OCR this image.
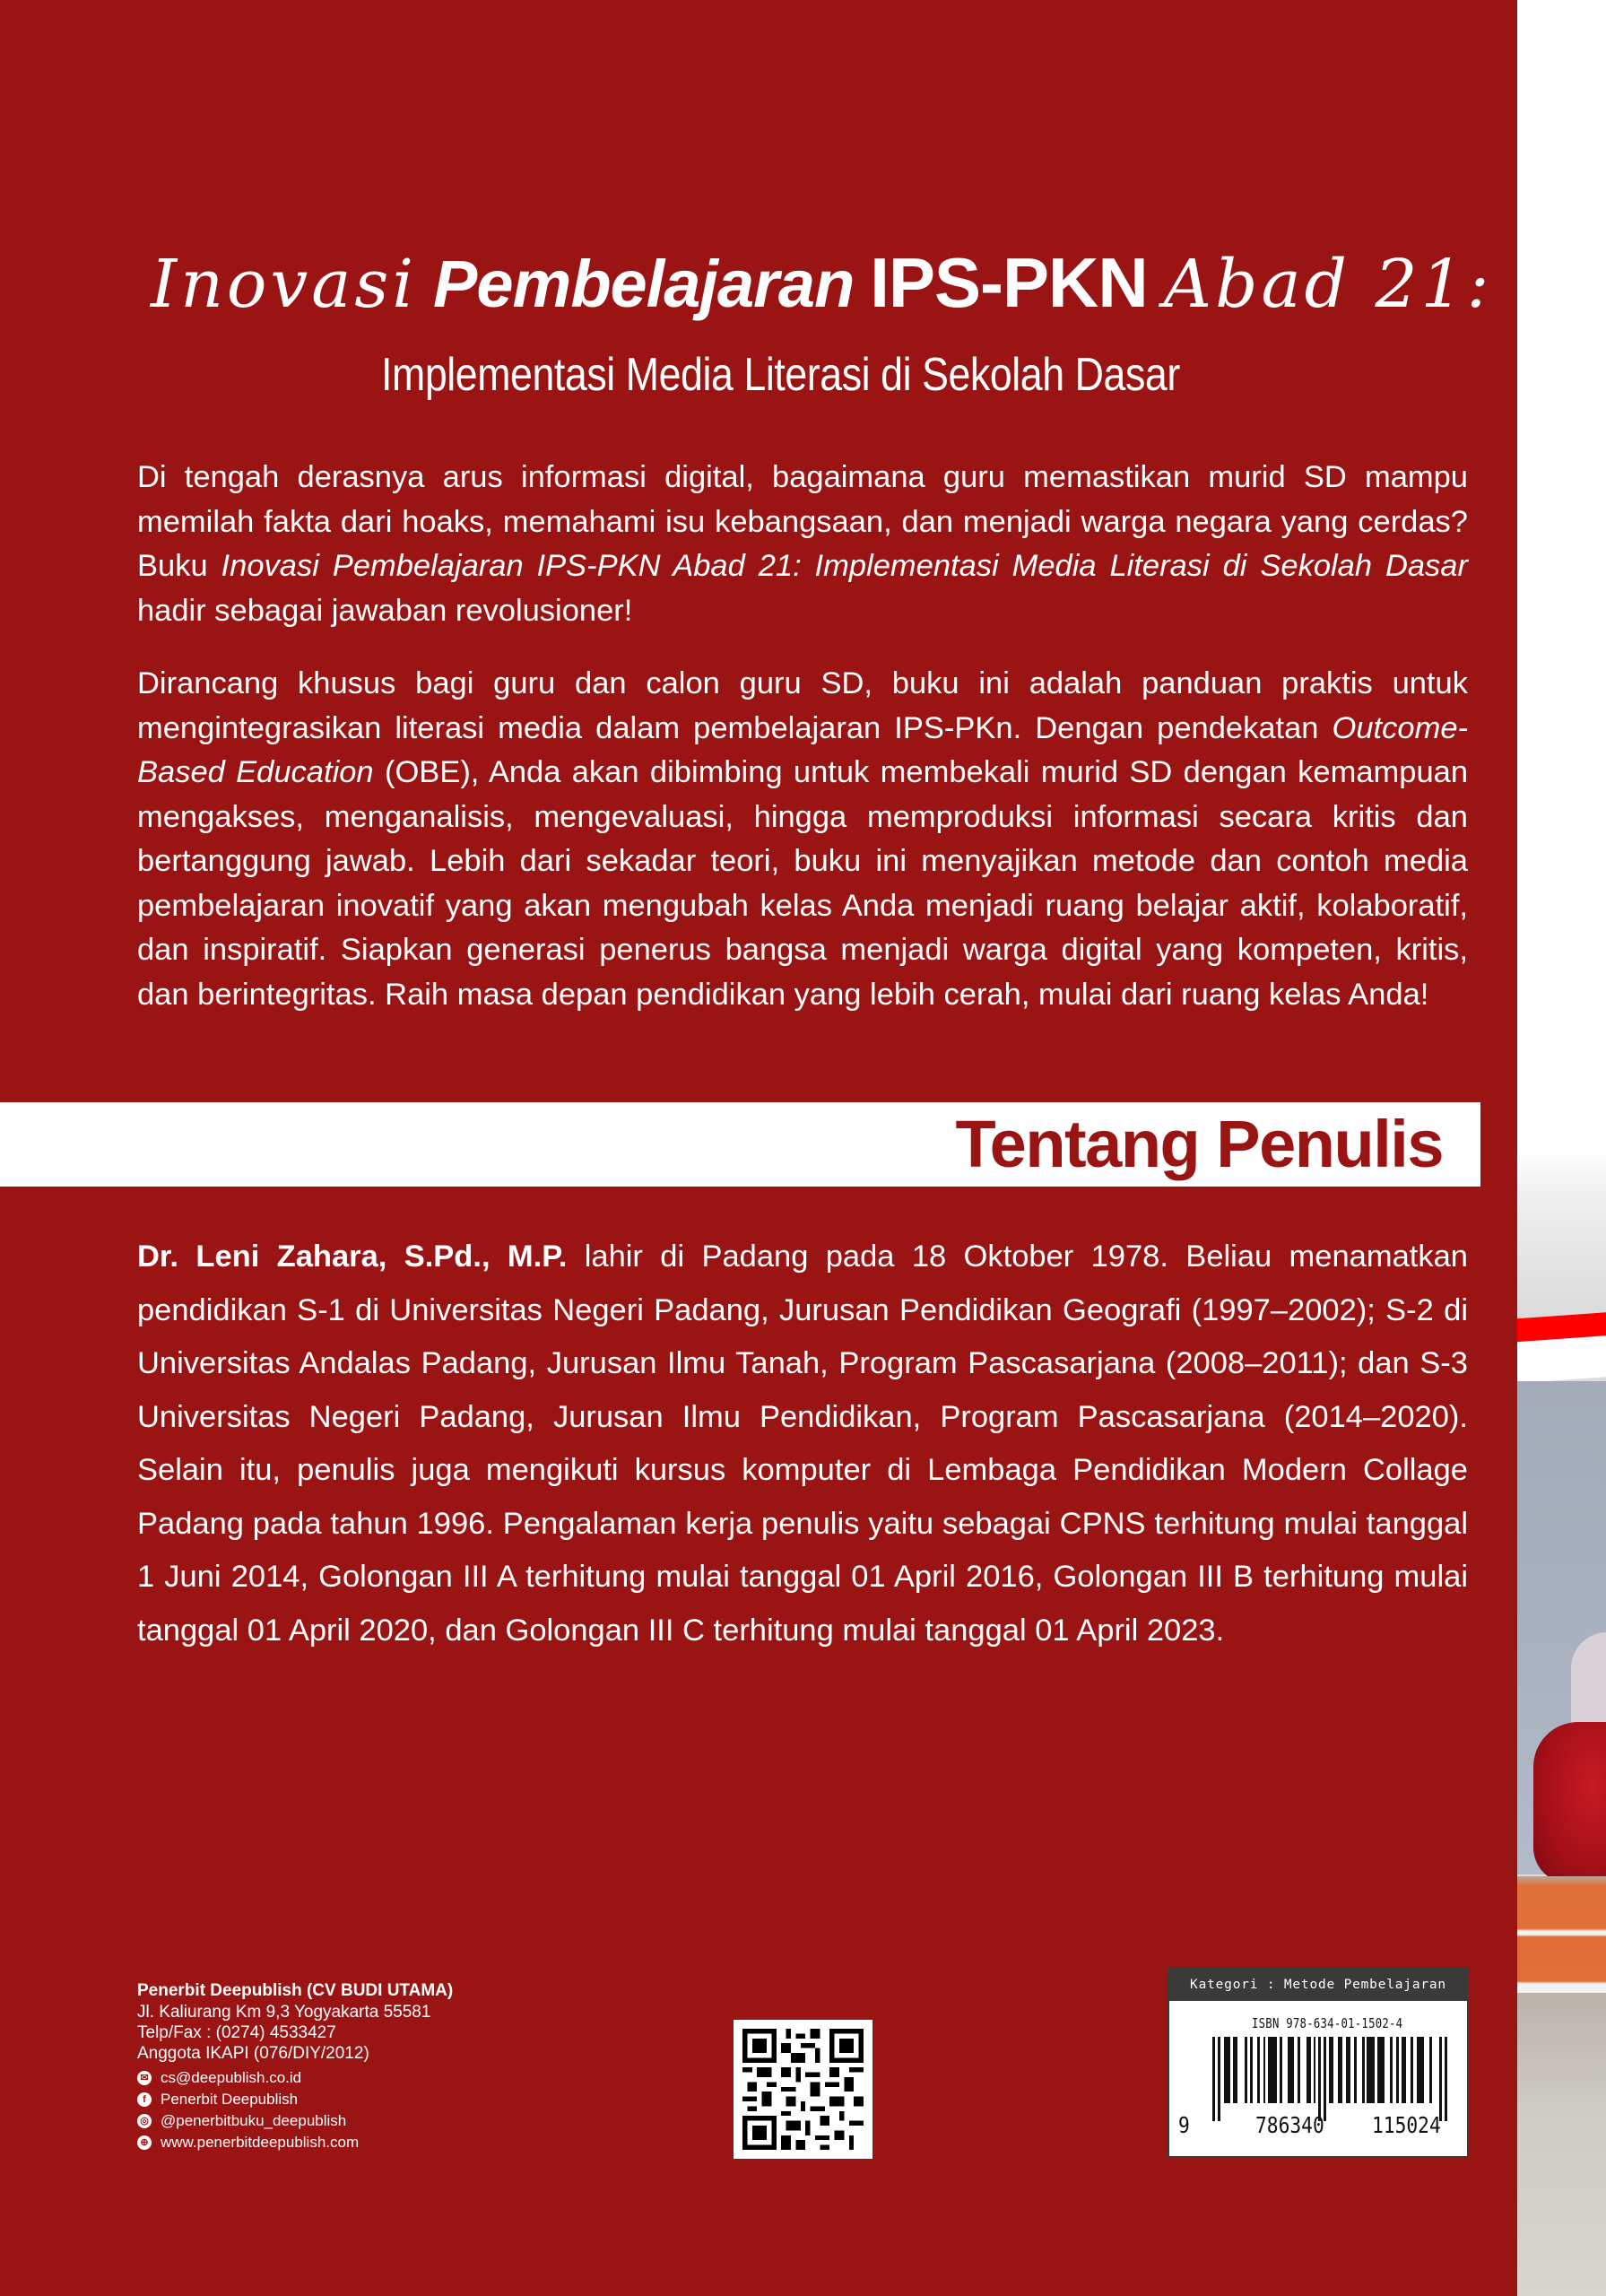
Inovasi Pembelajaran IPS-PKN Abad 21:
Implementasi Media Literasi di Sekolah Dasar

Di tengah derasnya arus informasi digital, bagaimana guru memastikan murid SD mampu memilah fakta dari hoaks, memahami isu kebangsaan, dan menjadi warga negara yang cerdas? Buku Inovasi Pembelajaran IPS-PKN Abad 21: Implementasi Media Literasi di Sekolah Dasar hadir sebagai jawaban revolusioner!

Dirancang khusus bagi guru dan calon guru SD, buku ini adalah panduan praktis untuk mengintegrasikan literasi media dalam pembelajaran IPS-PKn. Dengan pendekatan Outcome-Based Education (OBE), Anda akan dibimbing untuk membekali murid SD dengan kemampuan mengakses, menganalisis, mengevaluasi, hingga memproduksi informasi secara kritis dan bertanggung jawab. Lebih dari sekadar teori, buku ini menyajikan metode dan contoh media pembelajaran inovatif yang akan mengubah kelas Anda menjadi ruang belajar aktif, kolaboratif, dan inspiratif. Siapkan generasi penerus bangsa menjadi warga digital yang kompeten, kritis, dan berintegritas. Raih masa depan pendidikan yang lebih cerah, mulai dari ruang kelas Anda!

Tentang Penulis

Dr. Leni Zahara, S.Pd., M.P. lahir di Padang pada 18 Oktober 1978. Beliau menamatkan pendidikan S-1 di Universitas Negeri Padang, Jurusan Pendidikan Geografi (1997–2002); S-2 di Universitas Andalas Padang, Jurusan Ilmu Tanah, Program Pascasarjana (2008–2011); dan S-3 Universitas Negeri Padang, Jurusan Ilmu Pendidikan, Program Pascasarjana (2014–2020). Selain itu, penulis juga mengikuti kursus komputer di Lembaga Pendidikan Modern Collage Padang pada tahun 1996. Pengalaman kerja penulis yaitu sebagai CPNS terhitung mulai tanggal 1 Juni 2014, Golongan III A terhitung mulai tanggal 01 April 2016, Golongan III B terhitung mulai tanggal 01 April 2020, dan Golongan III C terhitung mulai tanggal 01 April 2023.

Penerbit Deepublish (CV BUDI UTAMA)
Jl. Kaliurang Km 9,3 Yogyakarta 55581
Telp/Fax : (0274) 4533427
Anggota IKAPI (076/DIY/2012)
✉ cs@deepublish.co.id
f Penerbit Deepublish
◎ @penerbitbuku_deepublish
⊕ www.penerbitdeepublish.com
Kategori : Metode Pembelajaran
ISBN 978-634-01-1502-4
9	786340 115024
